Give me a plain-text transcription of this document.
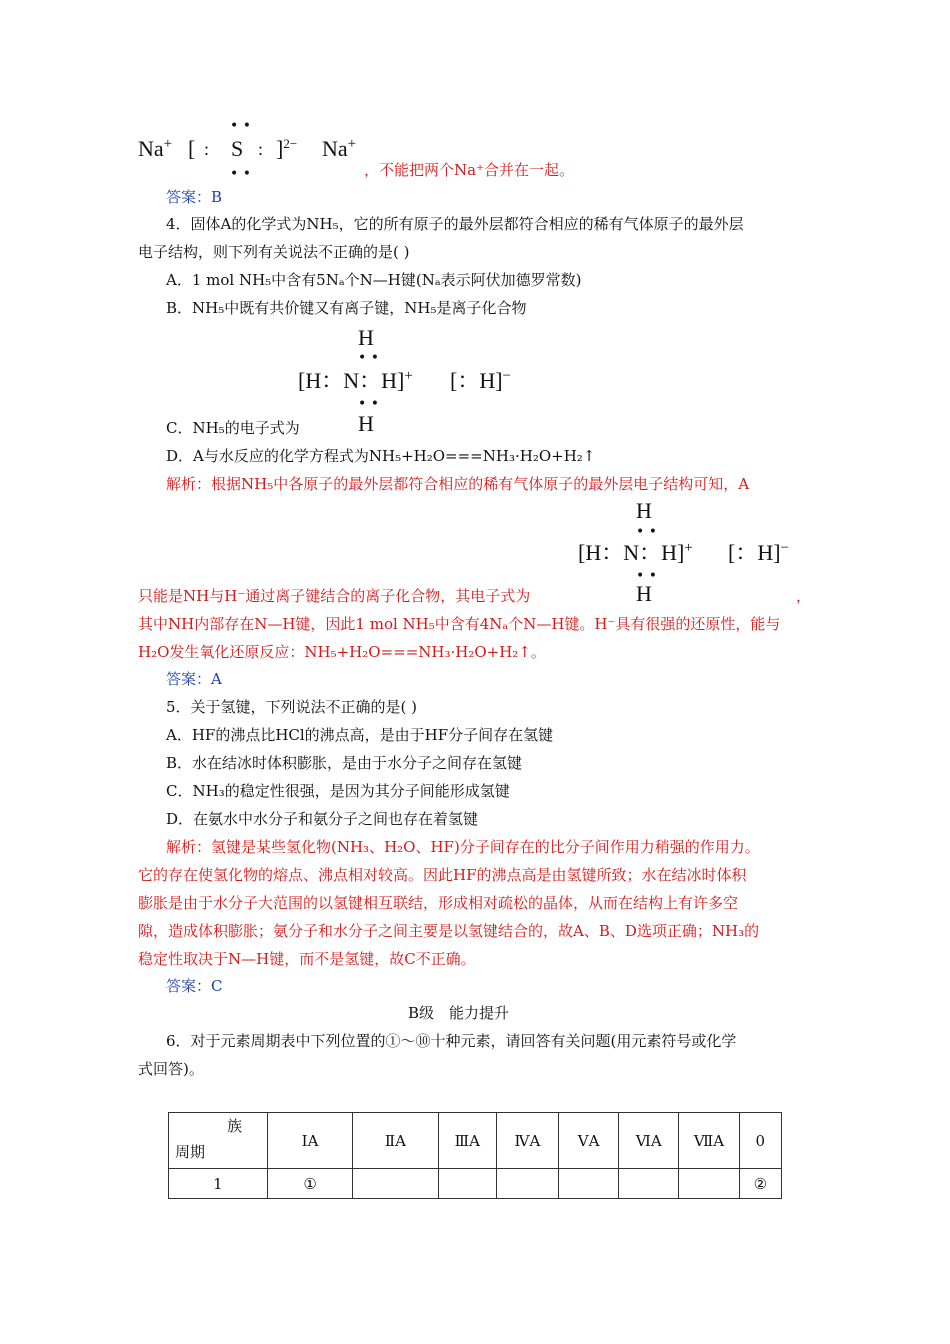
Na+ [ : S
• •
• •
: ]$^{2-}$ Na+
，不能把两个Na⁺合并在一起。
答案：B
4．固体A的化学式为NH₅，它的所有原子的最外层都符合相应的稀有气体原子的最外层
电子结构，则下列有关说法不正确的是( )
A．1 mol NH₅中含有5Nₐ个N—H键(Nₐ表示阿伏加德罗常数)
B．NH₅中既有共价键又有离子键，NH₅是离子化合物
H
• •
[H：N：H]+ [：H]−
• •
H
C．NH₅的电子式为
D．A与水反应的化学方程式为NH₅+H₂O===NH₃·H₂O+H₂↑
解析：根据NH₅中各原子的最外层都符合相应的稀有气体原子的最外层电子结构可知，A
H
• •
[H：N：H]+ [：H]−
• •
H
只能是NH与H⁻通过离子键结合的离子化合物，其电子式为	，
其中NH内部存在N—H键，因此1 mol NH₅中含有4Nₐ个N—H键。H⁻具有很强的还原性，能与
H₂O发生氧化还原反应：NH₅+H₂O===NH₃·H₂O+H₂↑。
答案：A
5．关于氢键，下列说法不正确的是( )
A．HF的沸点比HCl的沸点高，是由于HF分子间存在氢键
B．水在结冰时体积膨胀，是由于水分子之间存在氢键
C．NH₃的稳定性很强，是因为其分子间能形成氢键
D．在氨水中水分子和氨分子之间也存在着氢键
解析：氢键是某些氢化物(NH₃、H₂O、HF)分子间存在的比分子间作用力稍强的作用力。
它的存在使氢化物的熔点、沸点相对较高。因此HF的沸点高是由氢键所致；水在结冰时体积
膨胀是由于水分子大范围的以氢键相互联结，形成相对疏松的晶体，从而在结构上有许多空
隙，造成体积膨胀；氨分子和水分子之间主要是以氢键结合的，故A、B、D选项正确；NH₃的
稳定性取决于N—H键，而不是氢键，故C不正确。
答案：C
B级　能力提升
6．对于元素周期表中下列位置的①～⑩十种元素，请回答有关问题(用元素符号或化学
式回答)。
族
周期	ⅠA	ⅡA	ⅢA	ⅣA	ⅤA	ⅥA	ⅦA	0
1	①							②
